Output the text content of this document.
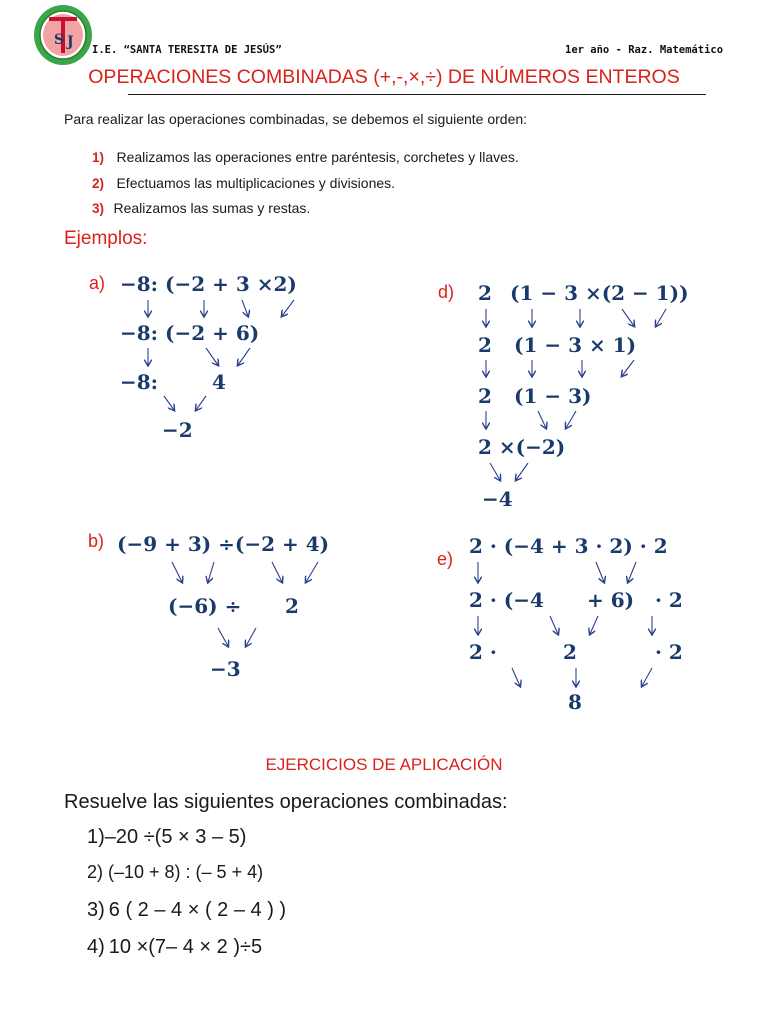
S J I.E. “SANTA TERESITA DE JESÚS”	1er año - Raz. Matemático
OPERACIONES COMBINADAS (+,-,×,÷) DE NÚMEROS ENTEROS
Para realizar las operaciones combinadas, se debemos el siguiente orden:
1) Realizamos las operaciones entre paréntesis, corchetes y llaves.
2) Efectuamos las multiplicaciones y divisiones.
3) Realizamos las sumas y restas.
Ejemplos:
a) −8: (−2 + 3 ×2)
−8: (−2 + 6)
−8:	4
−2
b) (−9 + 3) ÷(−2 + 4)
(−6) ÷ 2
−3
d) 2 (1 − 3 ×(2 − 1))
2 (1 − 3 × 1)
2 (1 − 3)
2 ×(−2)
−4
e)
2 · (−4 + 3 · 2) · 2
2 · (−4 + 6) · 2
2 ·	2	· 2
8
EJERCICIOS DE APLICACIÓN
Resuelve las siguientes operaciones combinadas:
1)–20 ÷(5 × 3 – 5)
2) (–10 + 8) : (– 5 + 4)
3) 6 ( 2 – 4 × ( 2 – 4 ) )
4) 10 ×(7– 4 × 2 )÷5
